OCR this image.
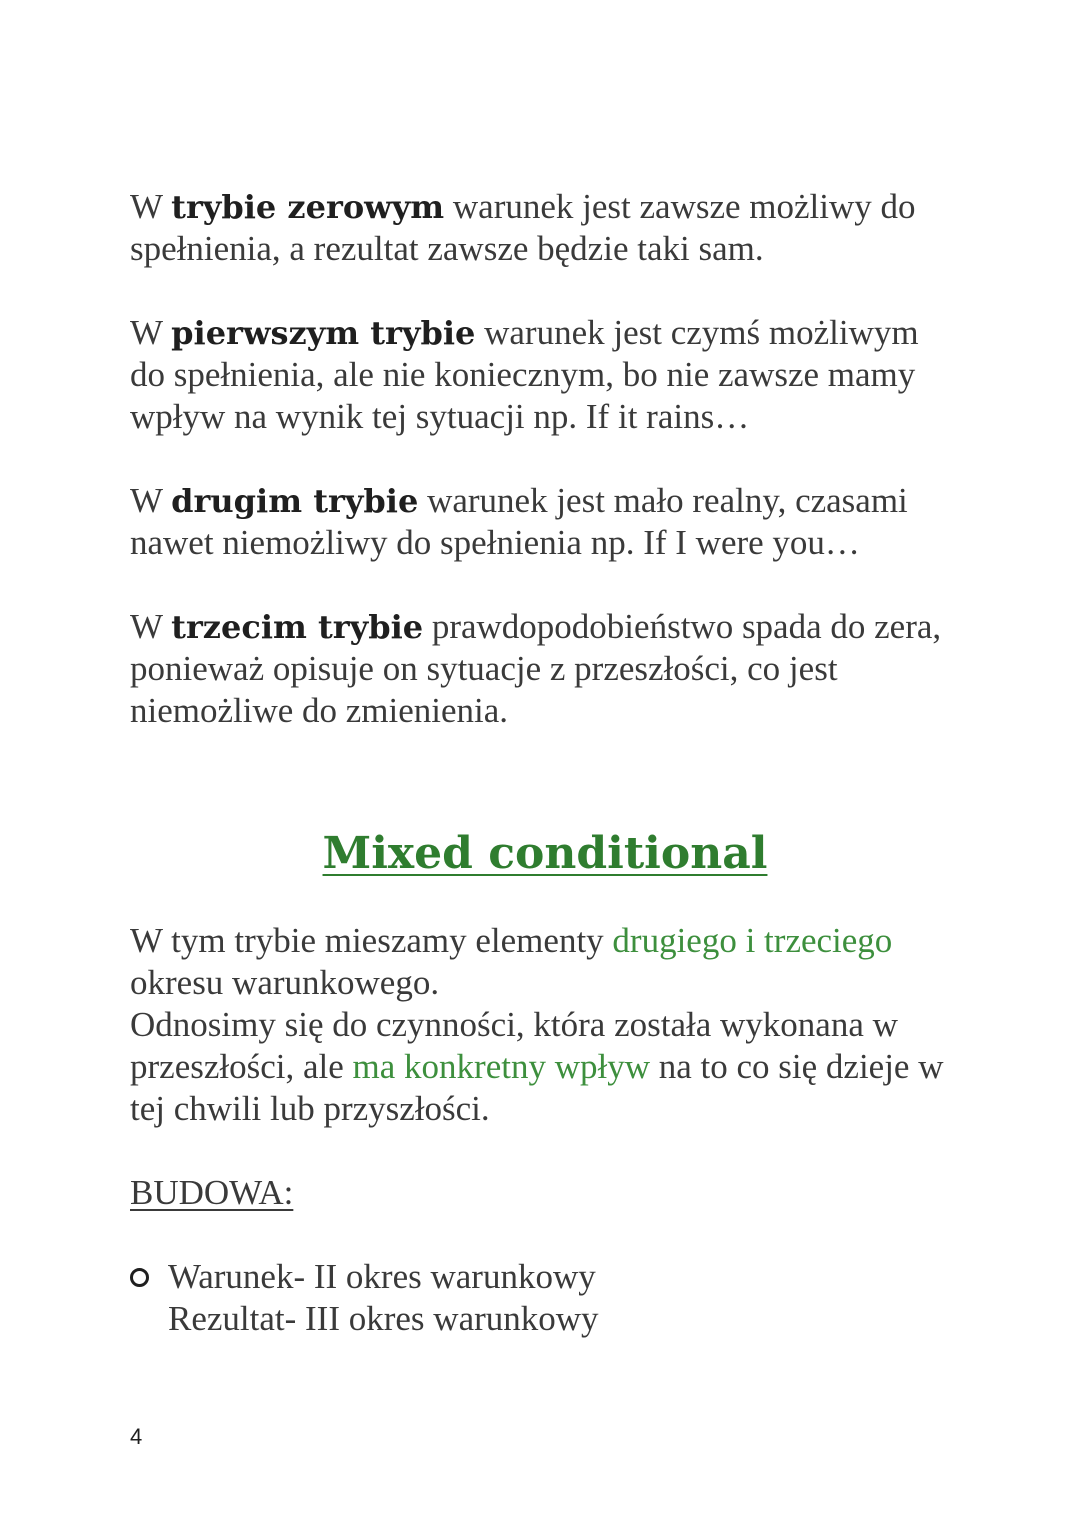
W trybie zerowym warunek jest zawsze możliwy do spełnienia, a rezultat zawsze będzie taki sam.

W pierwszym trybie warunek jest czymś możliwym do spełnienia, ale nie koniecznym, bo nie zawsze mamy wpływ na wynik tej sytuacji np. If it rains…

W drugim trybie warunek jest mało realny, czasami nawet niemożliwy do spełnienia np. If I were you…

W trzecim trybie prawdopodobieństwo spada do zera, ponieważ opisuje on sytuacje z przeszłości, co jest niemożliwe do zmienienia.

Mixed conditional

W tym trybie mieszamy elementy drugiego i trzeciego okresu warunkowego.

Odnosimy się do czynności, która została wykonana w przeszłości, ale ma konkretny wpływ na to co się dzieje w tej chwili lub przyszłości.

BUDOWA:

Warunek- II okres warunkowy

Rezultat- III okres warunkowy

4
